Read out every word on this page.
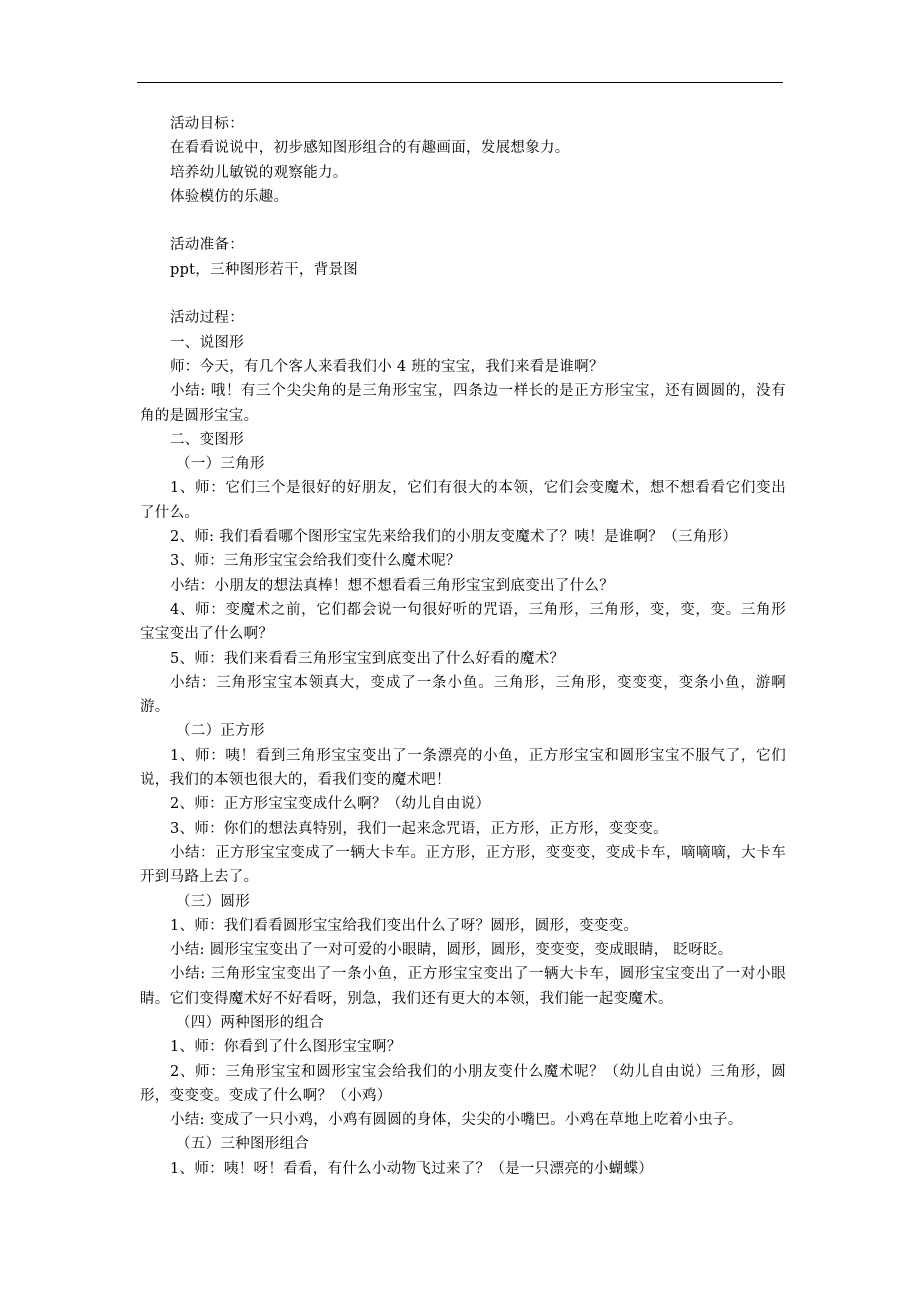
活动目标：
在看看说说中，初步感知图形组合的有趣画面，发展想象力。
培养幼儿敏锐的观察能力。
体验模仿的乐趣。
活动准备：
ppt，三种图形若干，背景图
活动过程：
一、说图形
师：今天，有几个客人来看我们小 4 班的宝宝，我们来看是谁啊？
小结: 哦！有三个尖尖角的是三角形宝宝，四条边一样长的是正方形宝宝，还有圆圆的，没有角的是圆形宝宝。
二、变图形
（一）三角形
1、师：它们三个是很好的好朋友，它们有很大的本领，它们会变魔术，想不想看看它们变出了什么。
2、师: 我们看看哪个图形宝宝先来给我们的小朋友变魔术了？咦！是谁啊？（三角形）
3、师：三角形宝宝会给我们变什么魔术呢？
小结：小朋友的想法真棒！想不想看看三角形宝宝到底变出了什么？
4、师：变魔术之前，它们都会说一句很好听的咒语，三角形，三角形，变，变，变。三角形宝宝变出了什么啊？
5、师：我们来看看三角形宝宝到底变出了什么好看的魔术？
小结：三角形宝宝本领真大，变成了一条小鱼。三角形，三角形，变变变，变条小鱼，游啊游。
（二）正方形
1、师：咦！看到三角形宝宝变出了一条漂亮的小鱼，正方形宝宝和圆形宝宝不服气了，它们说，我们的本领也很大的，看我们变的魔术吧！
2、师：正方形宝宝变成什么啊？（幼儿自由说）
3、师：你们的想法真特别，我们一起来念咒语，正方形，正方形，变变变。
小结：正方形宝宝变成了一辆大卡车。正方形，正方形，变变变，变成卡车，嘀嘀嘀，大卡车开到马路上去了。
（三）圆形
1、师：我们看看圆形宝宝给我们变出什么了呀？圆形，圆形，变变变。
小结: 圆形宝宝变出了一对可爱的小眼睛，圆形，圆形，变变变，变成眼睛， 眨呀眨。
小结: 三角形宝宝变出了一条小鱼，正方形宝宝变出了一辆大卡车，圆形宝宝变出了一对小眼睛。它们变得魔术好不好看呀，别急，我们还有更大的本领，我们能一起变魔术。
（四）两种图形的组合
1、师：你看到了什么图形宝宝啊？
2、师：三角形宝宝和圆形宝宝会给我们的小朋友变什么魔术呢？（幼儿自由说）三角形，圆形，变变变。变成了什么啊？（小鸡）
小结: 变成了一只小鸡，小鸡有圆圆的身体，尖尖的小嘴巴。小鸡在草地上吃着小虫子。
（五）三种图形组合
1、师：咦！呀！看看，有什么小动物飞过来了？（是一只漂亮的小蝴蝶）
